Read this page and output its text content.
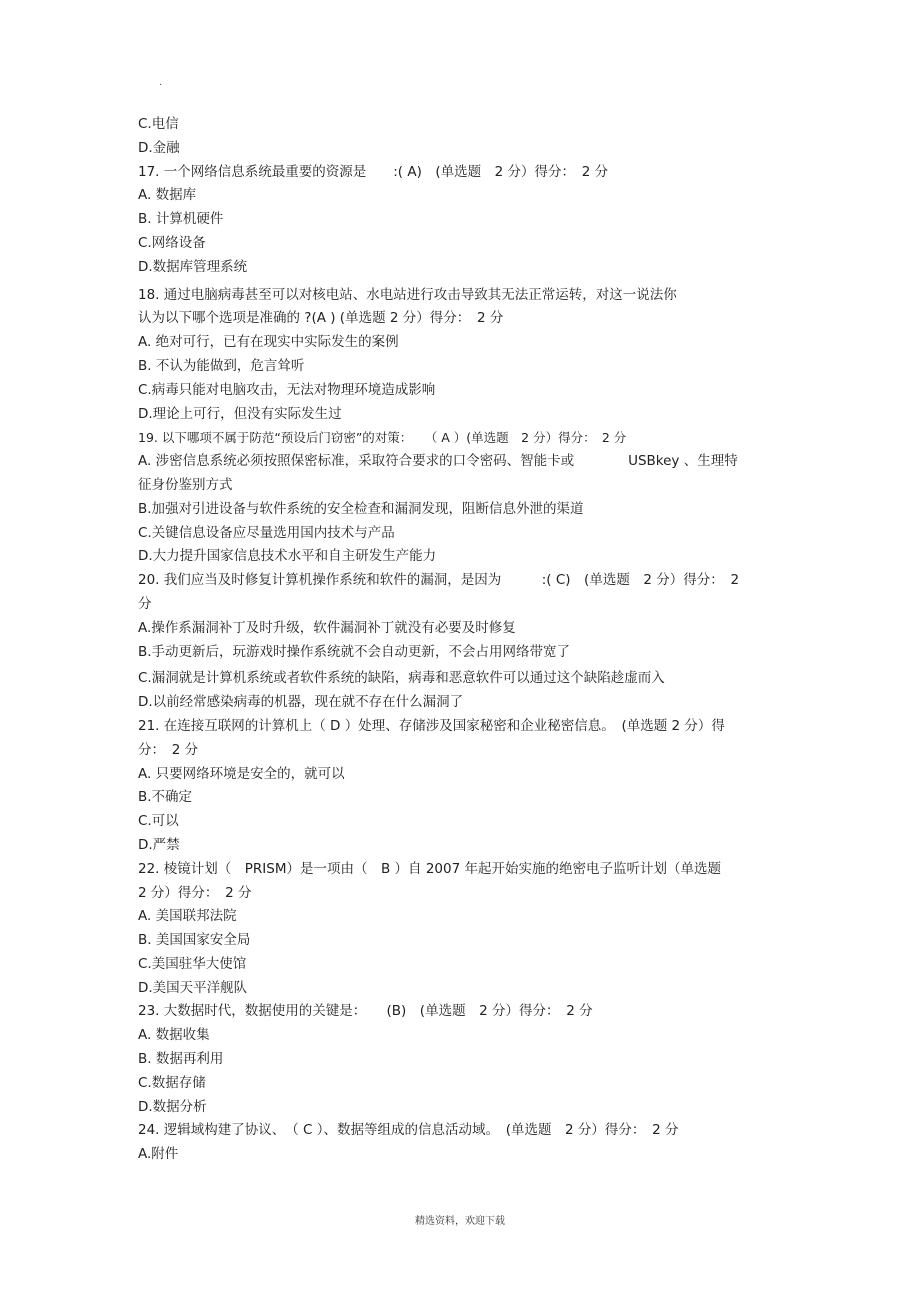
·
C.电信
D.金融
17. 一个网络信息系统最重要的资源是　　:( A)　(单选题　2 分）得分：　2 分
A. 数据库
B. 计算机硬件
C.网络设备
D.数据库管理系统
18. 通过电脑病毒甚至可以对核电站、水电站进行攻击导致其无法正常运转，对这一说法你
认为以下哪个选项是准确的 ?(A ) (单选题 2 分）得分：　2 分
A. 绝对可行，已有在现实中实际发生的案例
B. 不认为能做到，危言耸听
C.病毒只能对电脑攻击，无法对物理环境造成影响
D.理论上可行，但没有实际发生过
19. 以下哪项不属于防范“预设后门窃密”的对策：　　（ A ）(单选题　2 分）得分：　2 分
A. 涉密信息系统必须按照保密标准，采取符合要求的口令密码、智能卡或　　　　USBkey 、生理特
征身份鉴别方式
B.加强对引进设备与软件系统的安全检查和漏洞发现，阻断信息外泄的渠道
C.关键信息设备应尽量选用国内技术与产品
D.大力提升国家信息技术水平和自主研发生产能力
20. 我们应当及时修复计算机操作系统和软件的漏洞，是因为　　　:( C)　(单选题　2 分）得分：　2
分
A.操作系漏洞补丁及时升级，软件漏洞补丁就没有必要及时修复
B.手动更新后，玩游戏时操作系统就不会自动更新，不会占用网络带宽了
C.漏洞就是计算机系统或者软件系统的缺陷，病毒和恶意软件可以通过这个缺陷趁虚而入
D.以前经常感染病毒的机器，现在就不存在什么漏洞了
21. 在连接互联网的计算机上（ D ）处理、存储涉及国家秘密和企业秘密信息。　(单选题 2 分）得
分：　2 分
A. 只要网络环境是安全的，就可以
B.不确定
C.可以
D.严禁
22. 棱镜计划（　PRISM）是一项由（　B ）自 2007 年起开始实施的绝密电子监听计划（单选题
2 分）得分：　2 分
A. 美国联邦法院
B. 美国国家安全局
C.美国驻华大使馆
D.美国天平洋舰队
23. 大数据时代，数据使用的关键是：　　(B)　(单选题　2 分）得分：　2 分
A. 数据收集
B. 数据再利用
C.数据存储
D.数据分析
24. 逻辑域构建了协议、　（ C ）、数据等组成的信息活动域。　(单选题　2 分）得分：　2 分
A.附件
精选资料，欢迎下载
